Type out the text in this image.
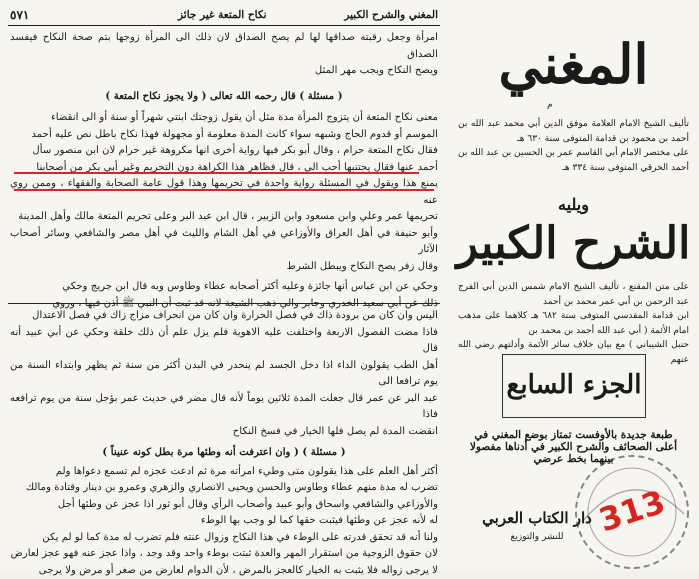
٥٧١	نكاح المتعة غير جائز	المغني والشرح الكبير

امرأة وجعل رقبته صداقها لها لم يصح الصداق لان ذلك الى المرأة زوجها بتم صحة النكاح فيفسد الصداق

ويصح النكاح ويجب مهر المثل

( مسئلة ) قال رحمه الله تعالى ( ولا يجوز نكاح المتعة )

معنى نكاح المتعة أن يتزوج المرأة مدة مثل أن يقول زوجتك ابنتي شهراً أو سنة أو الى انقضاء

الموسم أو قدوم الحاج وشبهه سواء كانت المدة معلومة أو مجهولة فهذا نكاح باطل نص عليه أحمد

فقال نكاح المتعة حرام ، وقال أبو بكر فيها رواية أخرى انها مكروهة غير حرام لان ابن منصور سأل

أحمد عنها فقال يجتنبها أحب الي ، قال فظاهر هذا الكراهة دون التحريم وغير أبي بكر من أصحابنا

يمنع هذا ويقول في المسئلة رواية واحدة في تحريمها وهذا قول عامة الصحابة والفقهاء ، وممن روي عنه

تحريمها عمر وعلي وابن مسعود وابن الزبير ، قال ابن عبد البر وعلى تحريم المتعة مالك وأهل المدينة

وأبو حنيفة في أهل العراق والأوزاعي في أهل الشام والليث في أهل مصر والشافعي وسائر أصحاب الآثار

وقال زفر يصح النكاح ويبطل الشرط

وحكي عن ابن عباس أنها جائزة وعليه أكثر أصحابه عطاء وطاوس وبه قال ابن جريج وحكي

ذلك عن أبي سعيد الخدري وجابر والي ذهب الشيعة لانه قد ثبت أن النبي ﷺ أذن فيها ، وروي

اليس وان كان من برودة ذاك في فصل الحرارة وان كان من انحراف مزاج زاك في فصل الاعتدال

فاذا مضت الفصول الاربعة واختلفت عليه الاهوية فلم يزل علم أن ذلك خلقة وحكي عن أبي عبيد أنه قال

أهل الطب يقولون الداء اذا دخل الجسد لم ينحدر في البدن أكثر من سنة ثم يظهر وابتداء السنة من يوم ترافعا الى

عبد البر عن عمر قال جعلت المدة ثلاثين يوماً لأنه قال مضر في حديث عمر بؤجل سنة من يوم ترافعه فاذا

انقضت المدة لم يصل فلها الخيار في فسخ النكاح

( مسئلة ) ( وان اعترفت أنه وطئها مرة بطل كونه عنيناً )

أكثر أهل العلم على هذا يقولون متى وطيء امرأته مرة ثم ادعت عجزه لم تسمع دعواها ولم

تضرب له مدة منهم عطاء وطاوس والحسن ويحيى الانصاري والزهري وعمرو بن دينار وقتادة ومالك

والأوزاعي والشافعي واسحاق وأبو عبيد وأصحاب الرأي وقال أبو ثور اذا عجز عن وطئها أجل

له لأنه عجز عن وطئها فيثبت حقها كما لو وجب بها الوطء

ولنا أنه قد تحقق قدرته على الوطء في هذا النكاح وزوال عنته فلم تضرب له مدة كما لو لم يكن

لان حقوق الزوجية من استقرار المهر والعدة ثبتت بوطء واحد وقد وجد ، واذا عجز عنه فهو عجز لعارض

لا يرجى زواله فلا يثبت به الخيار كالعجز بالمرض ، لأن الدوام لعارض من صغر أو مرض ولا يرجى

المغني
م
تأليف الشيخ الامام العلامة موفق الدين أبي محمد عبد الله بن أحمد بن محمود بن قدامة المتوفى سنة ٦٣٠ هـ
على مختصر الامام أبي القاسم عمر بن الحسين بن عبد الله بن أحمد الخرقي المتوفى سنة ٣٣٤ هـ
ويليه
الشرح الكبير
على متن المقنع ، تأليف الشيخ الامام شمس الدين أبي الفرج عبد الرحمن بن أبي عمر محمد بن أحمد
ابن قدامة المقدسي المتوفى سنة ٦٨٢ هـ كلاهما على مذهب امام الأئمة ( أبي عبد الله أحمد بن محمد بن
حنبل الشيباني ) مع بيان خلاف سائر الأئمة وأدلتهم رضي الله عنهم
الجزء السابع
طبعة جديدة بالأوفست تمتاز بوضع المغني في أعلى الصحائف والشرح الكبير في أدناها مفصولا بينهما بخط عرضي
دار الكتاب العربي
للنشر والتوزيع 313
